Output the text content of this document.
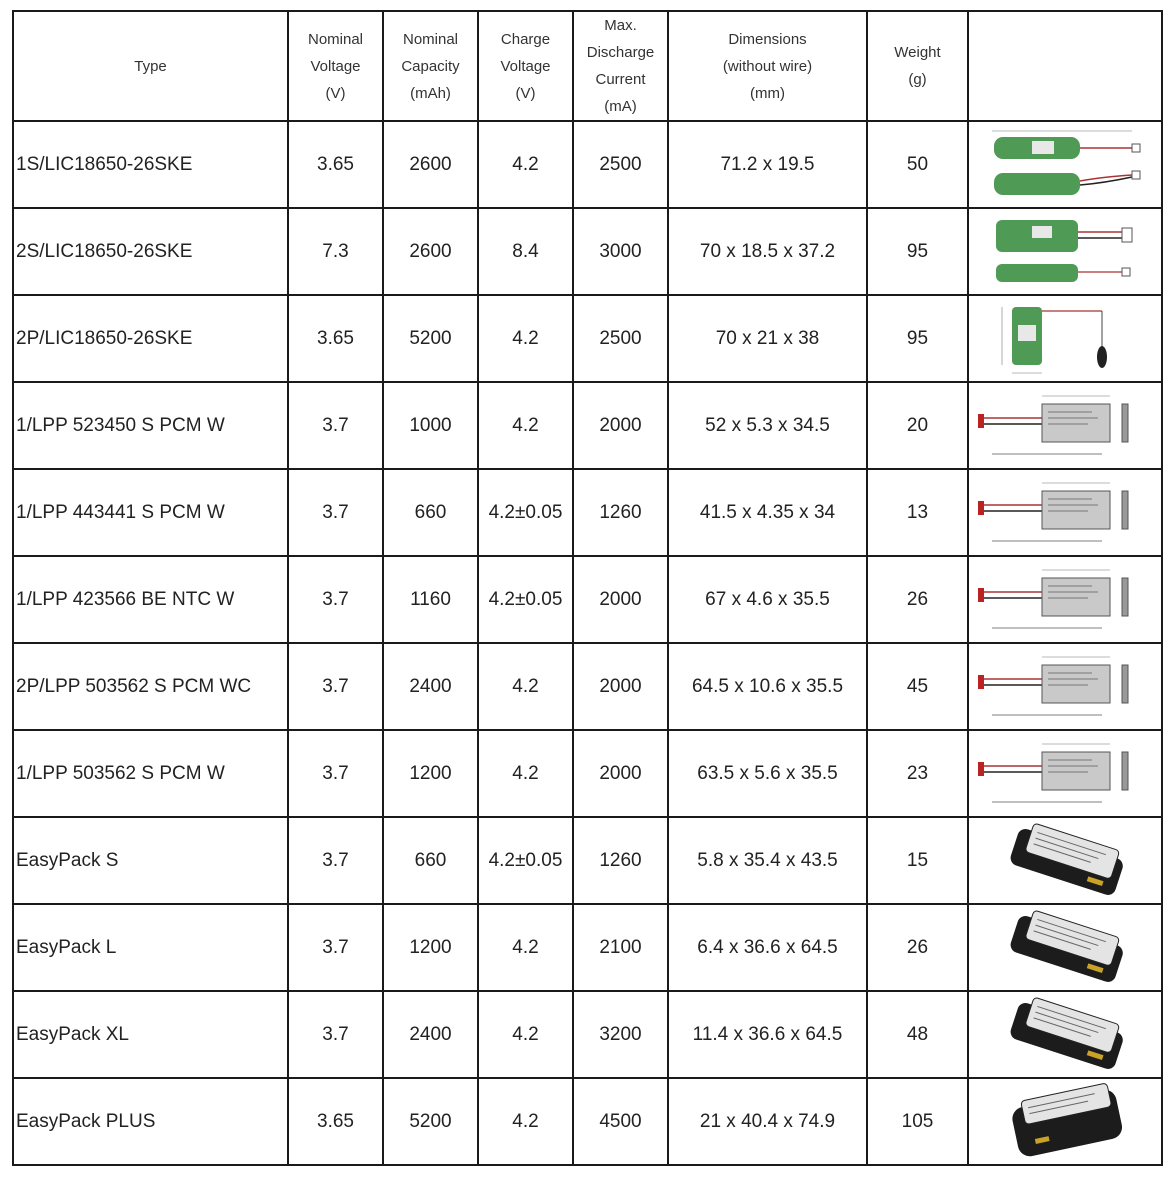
Type	Nominal
Voltage
(V)	Nominal
Capacity
(mAh)	Charge
Voltage
(V)	Max.
Discharge
Current
(mA)	Dimensions
(without wire)
(mm)	Weight
(g)	

1S/LIC18650-26SKE	3.65	2600	4.2	2500	71.2 x 19.5	50	

2S/LIC18650-26SKE	7.3	2600	8.4	3000	70 x 18.5 x 37.2	95	

2P/LIC18650-26SKE	3.65	5200	4.2	2500	70 x 21 x 38	95	

1/LPP 523450 S PCM W	3.7	1000	4.2	2000	52 x 5.3 x 34.5	20	

1/LPP 443441 S PCM W	3.7	660	4.2±0.05	1260	41.5 x 4.35 x 34	13	

1/LPP 423566 BE NTC W	3.7	1160	4.2±0.05	2000	67 x 4.6 x 35.5	26	

2P/LPP 503562 S PCM WC	3.7	2400	4.2	2000	64.5 x 10.6 x 35.5	45	

1/LPP 503562 S PCM W	3.7	1200	4.2	2000	63.5 x 5.6 x 35.5	23	

EasyPack S	3.7	660	4.2±0.05	1260	5.8 x 35.4 x 43.5	15	

EasyPack L	3.7	1200	4.2	2100	6.4 x 36.6 x 64.5	26	

EasyPack XL	3.7	2400	4.2	3200	11.4 x 36.6 x 64.5	48	

EasyPack PLUS	3.65	5200	4.2	4500	21 x 40.4 x 74.9	105	
